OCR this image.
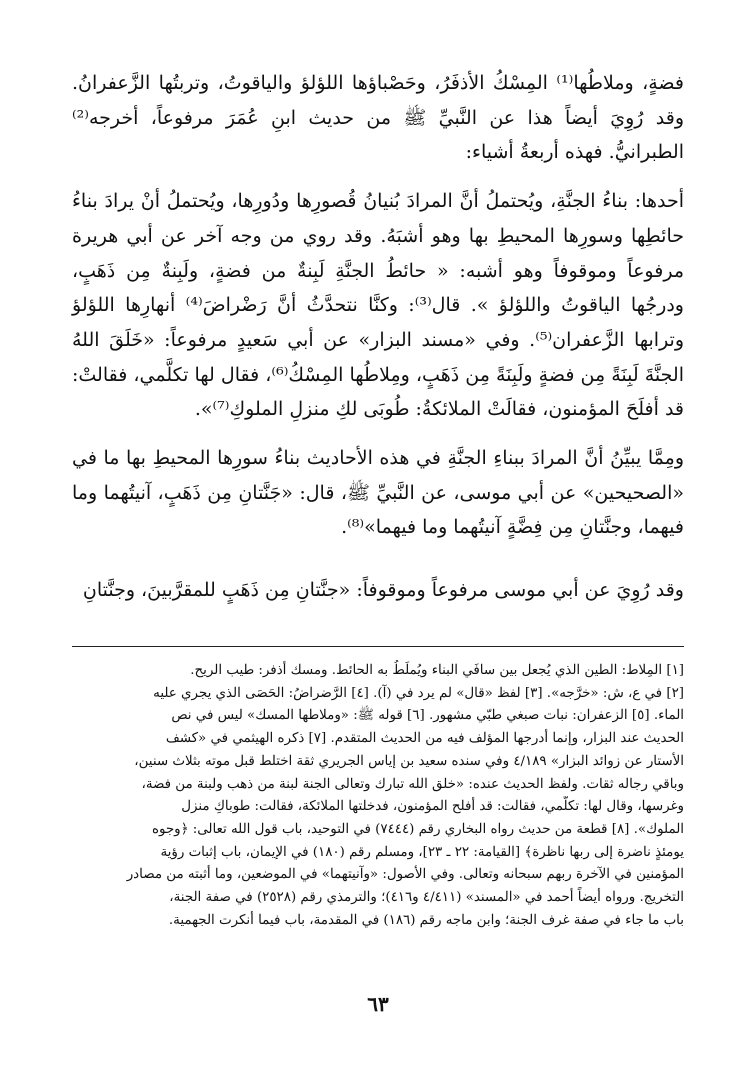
فضةٍ، وملاطُها⁽¹⁾ المِسْكُ الأذفَرُ، وحَصْباؤها اللؤلؤ والياقوتُ، وتربتُها الزَّعفرانُ. وقد رُوِيَ أيضاً هذا عن النَّبيِّ ﷺ من حديث ابنِ عُمَرَ مرفوعاً، أخرجه⁽²⁾ الطبرانيُّ. فهذه أربعةُ أشياء:

أحدها: بناءُ الجنَّةِ، ويُحتملُ أنَّ المرادَ بُنيانُ قُصورِها ودُورِها، ويُحتملُ أنْ يرادَ بناءُ حائطِها وسورِها المحيطِ بها وهو أشبَهُ. وقد روي من وجه آخر عن أبي هريرة مرفوعاً وموقوفاً وهو أشبه: « حائطُ الجنَّةِ لَبِنةٌ من فضةٍ، ولَبِنةٌ مِن ذَهَبٍ، ودرجُها الياقوتُ واللؤلؤ ». قال⁽³⁾: وكنَّا نتحدَّثُ أنَّ رَضْراضَ⁽⁴⁾ أنهارِها اللؤلؤ وترابها الزَّعفران⁽⁵⁾. وفي «مسند البزار» عن أبي سَعيدٍ مرفوعاً: «خَلَقَ اللهُ الجنَّةَ لَبِنَةً مِن فضةٍ ولَبِنَةً مِن ذَهَبٍ، ومِلاطُها المِسْكُ⁽⁶⁾، فقال لها تكلَّمي، فقالتْ: قد أفلَحَ المؤمنون، فقالَتْ الملائكةُ: طُوبَى لكِ منزلِ الملوكِ⁽⁷⁾».

ومِمَّا يبيِّنُ أنَّ المرادَ ببناءِ الجنَّةِ في هذه الأحاديث بناءُ سورِها المحيطِ بها ما في «الصحيحين» عن أبي موسى، عن النَّبيِّ ﷺ، قال: «جَنَّتانِ مِن ذَهَبٍ، آنيتُهما وما فيهما، وجنَّتانِ مِن فِضَّةٍ آنيتُهما وما فيهما»⁽⁸⁾.

وقد رُوِيَ عن أبي موسى مرفوعاً وموقوفاً: «جنَّتانِ مِن ذَهَبٍ للمقرَّبينَ، وجنَّتانِ

[١] المِلاط: الطين الذي يُجعل بين سافَي البناء ويُملَطُ به الحائط. ومسك أذفر: طيب الريح.
[٢] في ع، ش: «خرَّجه». [٣] لفظ «قال» لم يرد في (آ). [٤] الرَّضراضُ: الحَصَى الذي يجري عليه
الماء. [٥] الزعفران: نبات صبغي طبّي مشهور. [٦] قوله ﷺ: «وملاطها المسك» ليس في نص
الحديث عند البزار، وإنما أدرجها المؤلف فيه من الحديث المتقدم. [٧] ذكره الهيثمي في «كشف
الأستار عن زوائد البزار» ٤/١٨٩ وفي سنده سعيد بن إياس الجريري ثقة اختلط قبل موته بثلاث سنين،
وباقي رجاله ثقات. ولفظ الحديث عنده: «خلق الله تبارك وتعالى الجنة لبنة من ذهب ولبنة من فضة،
وغرسها، وقال لها: تكلَّمي، فقالت: قد أفلح المؤمنون، فدخلتها الملائكة، فقالت: طوباكِ منزل
الملوك». [٨] قطعة من حديث رواه البخاري رقم (٧٤٤٤) في التوحيد، باب قول الله تعالى: ﴿وجوه
يومئذٍ ناضرة إلى ربها ناظرة﴾ [القيامة: ٢٢ ـ ٢٣]، ومسلم رقم (١٨٠) في الإيمان، باب إثبات رؤية
المؤمنين في الآخرة ربهم سبحانه وتعالى. وفي الأصول: «وآنيتهما» في الموضعين، وما أثبته من مصادر
التخريج. ورواه أيضاً أحمد في «المسند» (٤/٤١١ و٤١٦)؛ والترمذي رقم (٢٥٢٨) في صفة الجنة،
باب ما جاء في صفة غرف الجنة؛ وابن ماجه رقم (١٨٦) في المقدمة، باب فيما أنكرت الجهمية.
٦٣
